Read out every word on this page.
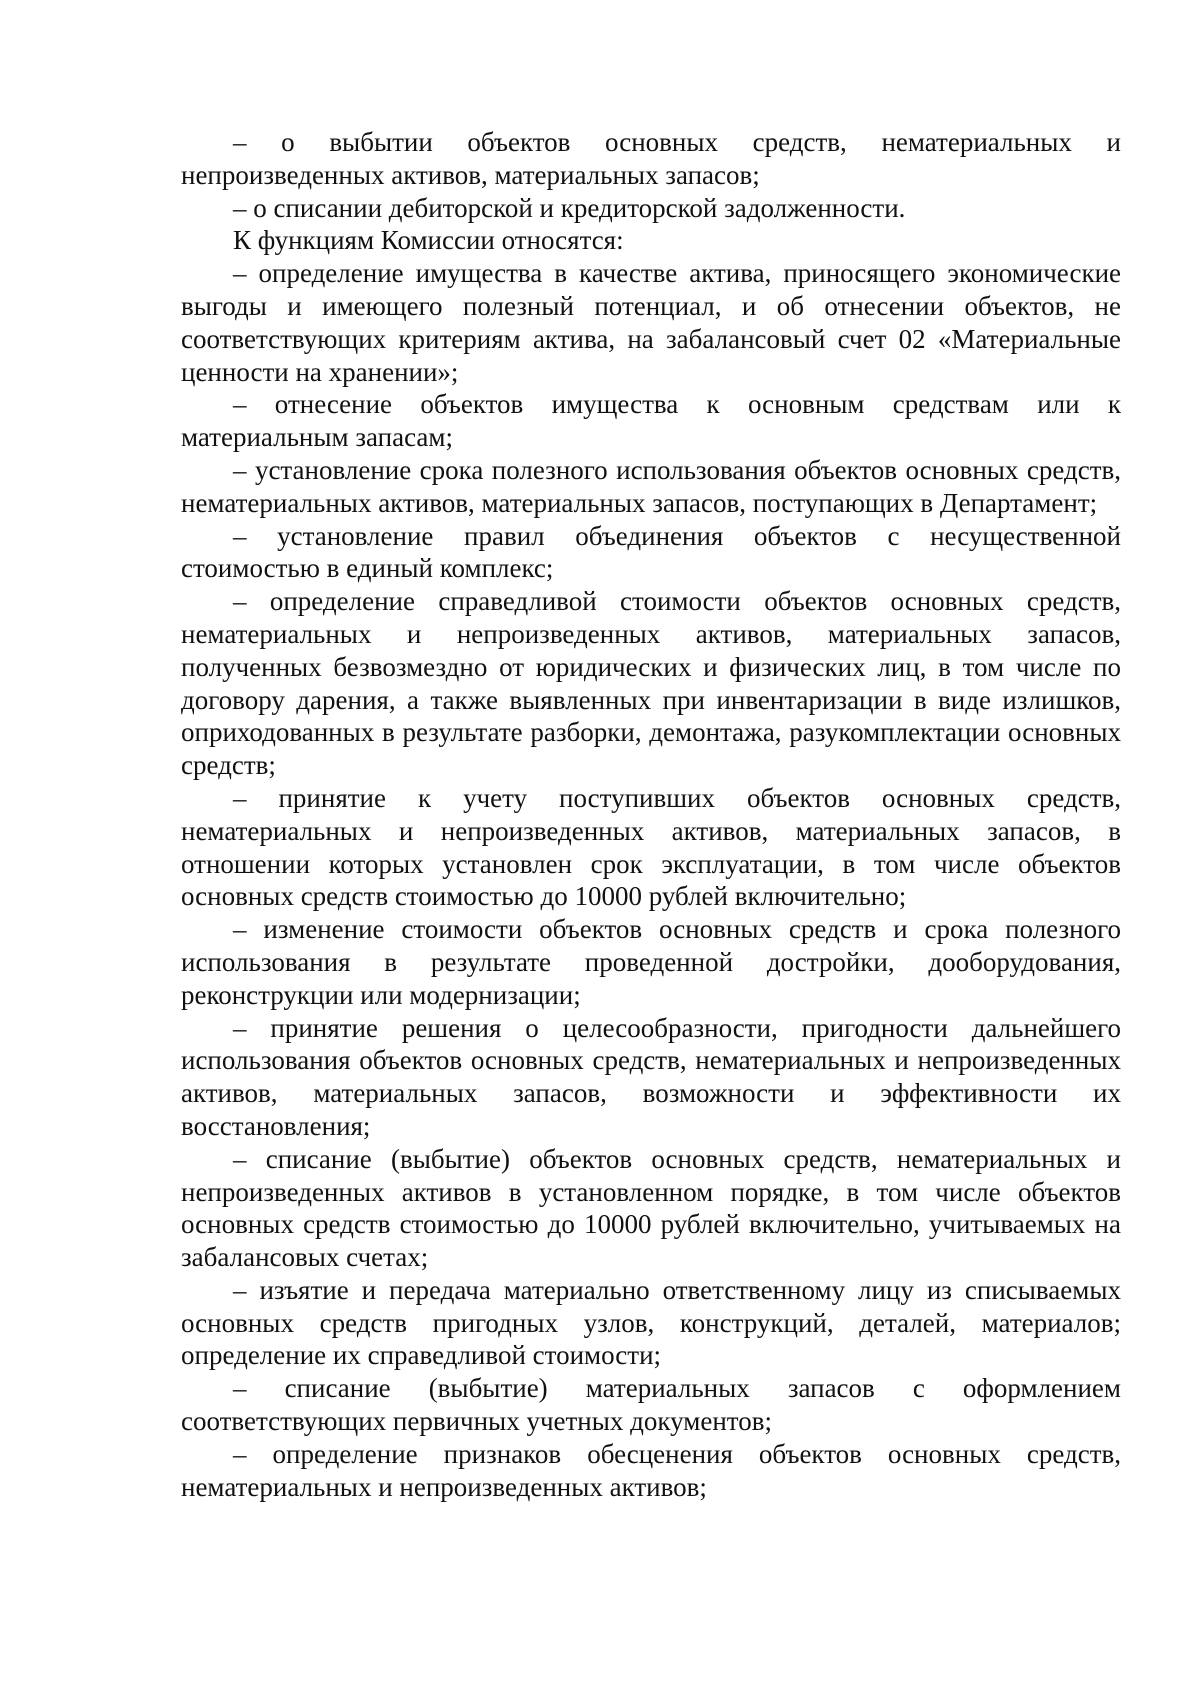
– о выбытии объектов основных средств, нематериальных и непроизведенных активов, материальных запасов;

– о списании дебиторской и кредиторской задолженности.

К функциям Комиссии относятся:

– определение имущества в качестве актива, приносящего экономические выгоды и имеющего полезный потенциал, и об отнесении объектов, не соответствующих критериям актива, на забалансовый счет 02 «Материальные ценности на хранении»;

– отнесение объектов имущества к основным средствам или к материальным запасам;

– установление срока полезного использования объектов основных средств, нематериальных активов, материальных запасов, поступающих в Департамент;

– установление правил объединения объектов с несущественной стоимостью в единый комплекс;

– определение справедливой стоимости объектов основных средств, нематериальных и непроизведенных активов, материальных запасов, полученных безвозмездно от юридических и физических лиц, в том числе по договору дарения, а также выявленных при инвентаризации в виде излишков, оприходованных в результате разборки, демонтажа, разукомплектации основных средств;

– принятие к учету поступивших объектов основных средств, нематериальных и непроизведенных активов, материальных запасов, в отношении которых установлен срок эксплуатации, в том числе объектов основных средств стоимостью до 10000 рублей включительно;

– изменение стоимости объектов основных средств и срока полезного использования в результате проведенной достройки, дооборудования, реконструкции или модернизации;

– принятие решения о целесообразности, пригодности дальнейшего использования объектов основных средств, нематериальных и непроизведенных активов, материальных запасов, возможности и эффективности их восстановления;

– списание (выбытие) объектов основных средств, нематериальных и непроизведенных активов в установленном порядке, в том числе объектов основных средств стоимостью до 10000 рублей включительно, учитываемых на забалансовых счетах;

– изъятие и передача материально ответственному лицу из списываемых основных средств пригодных узлов, конструкций, деталей, материалов; определение их справедливой стоимости;

– списание (выбытие) материальных запасов с оформлением соответствующих первичных учетных документов;

– определение признаков обесценения объектов основных средств, нематериальных и непроизведенных активов;
